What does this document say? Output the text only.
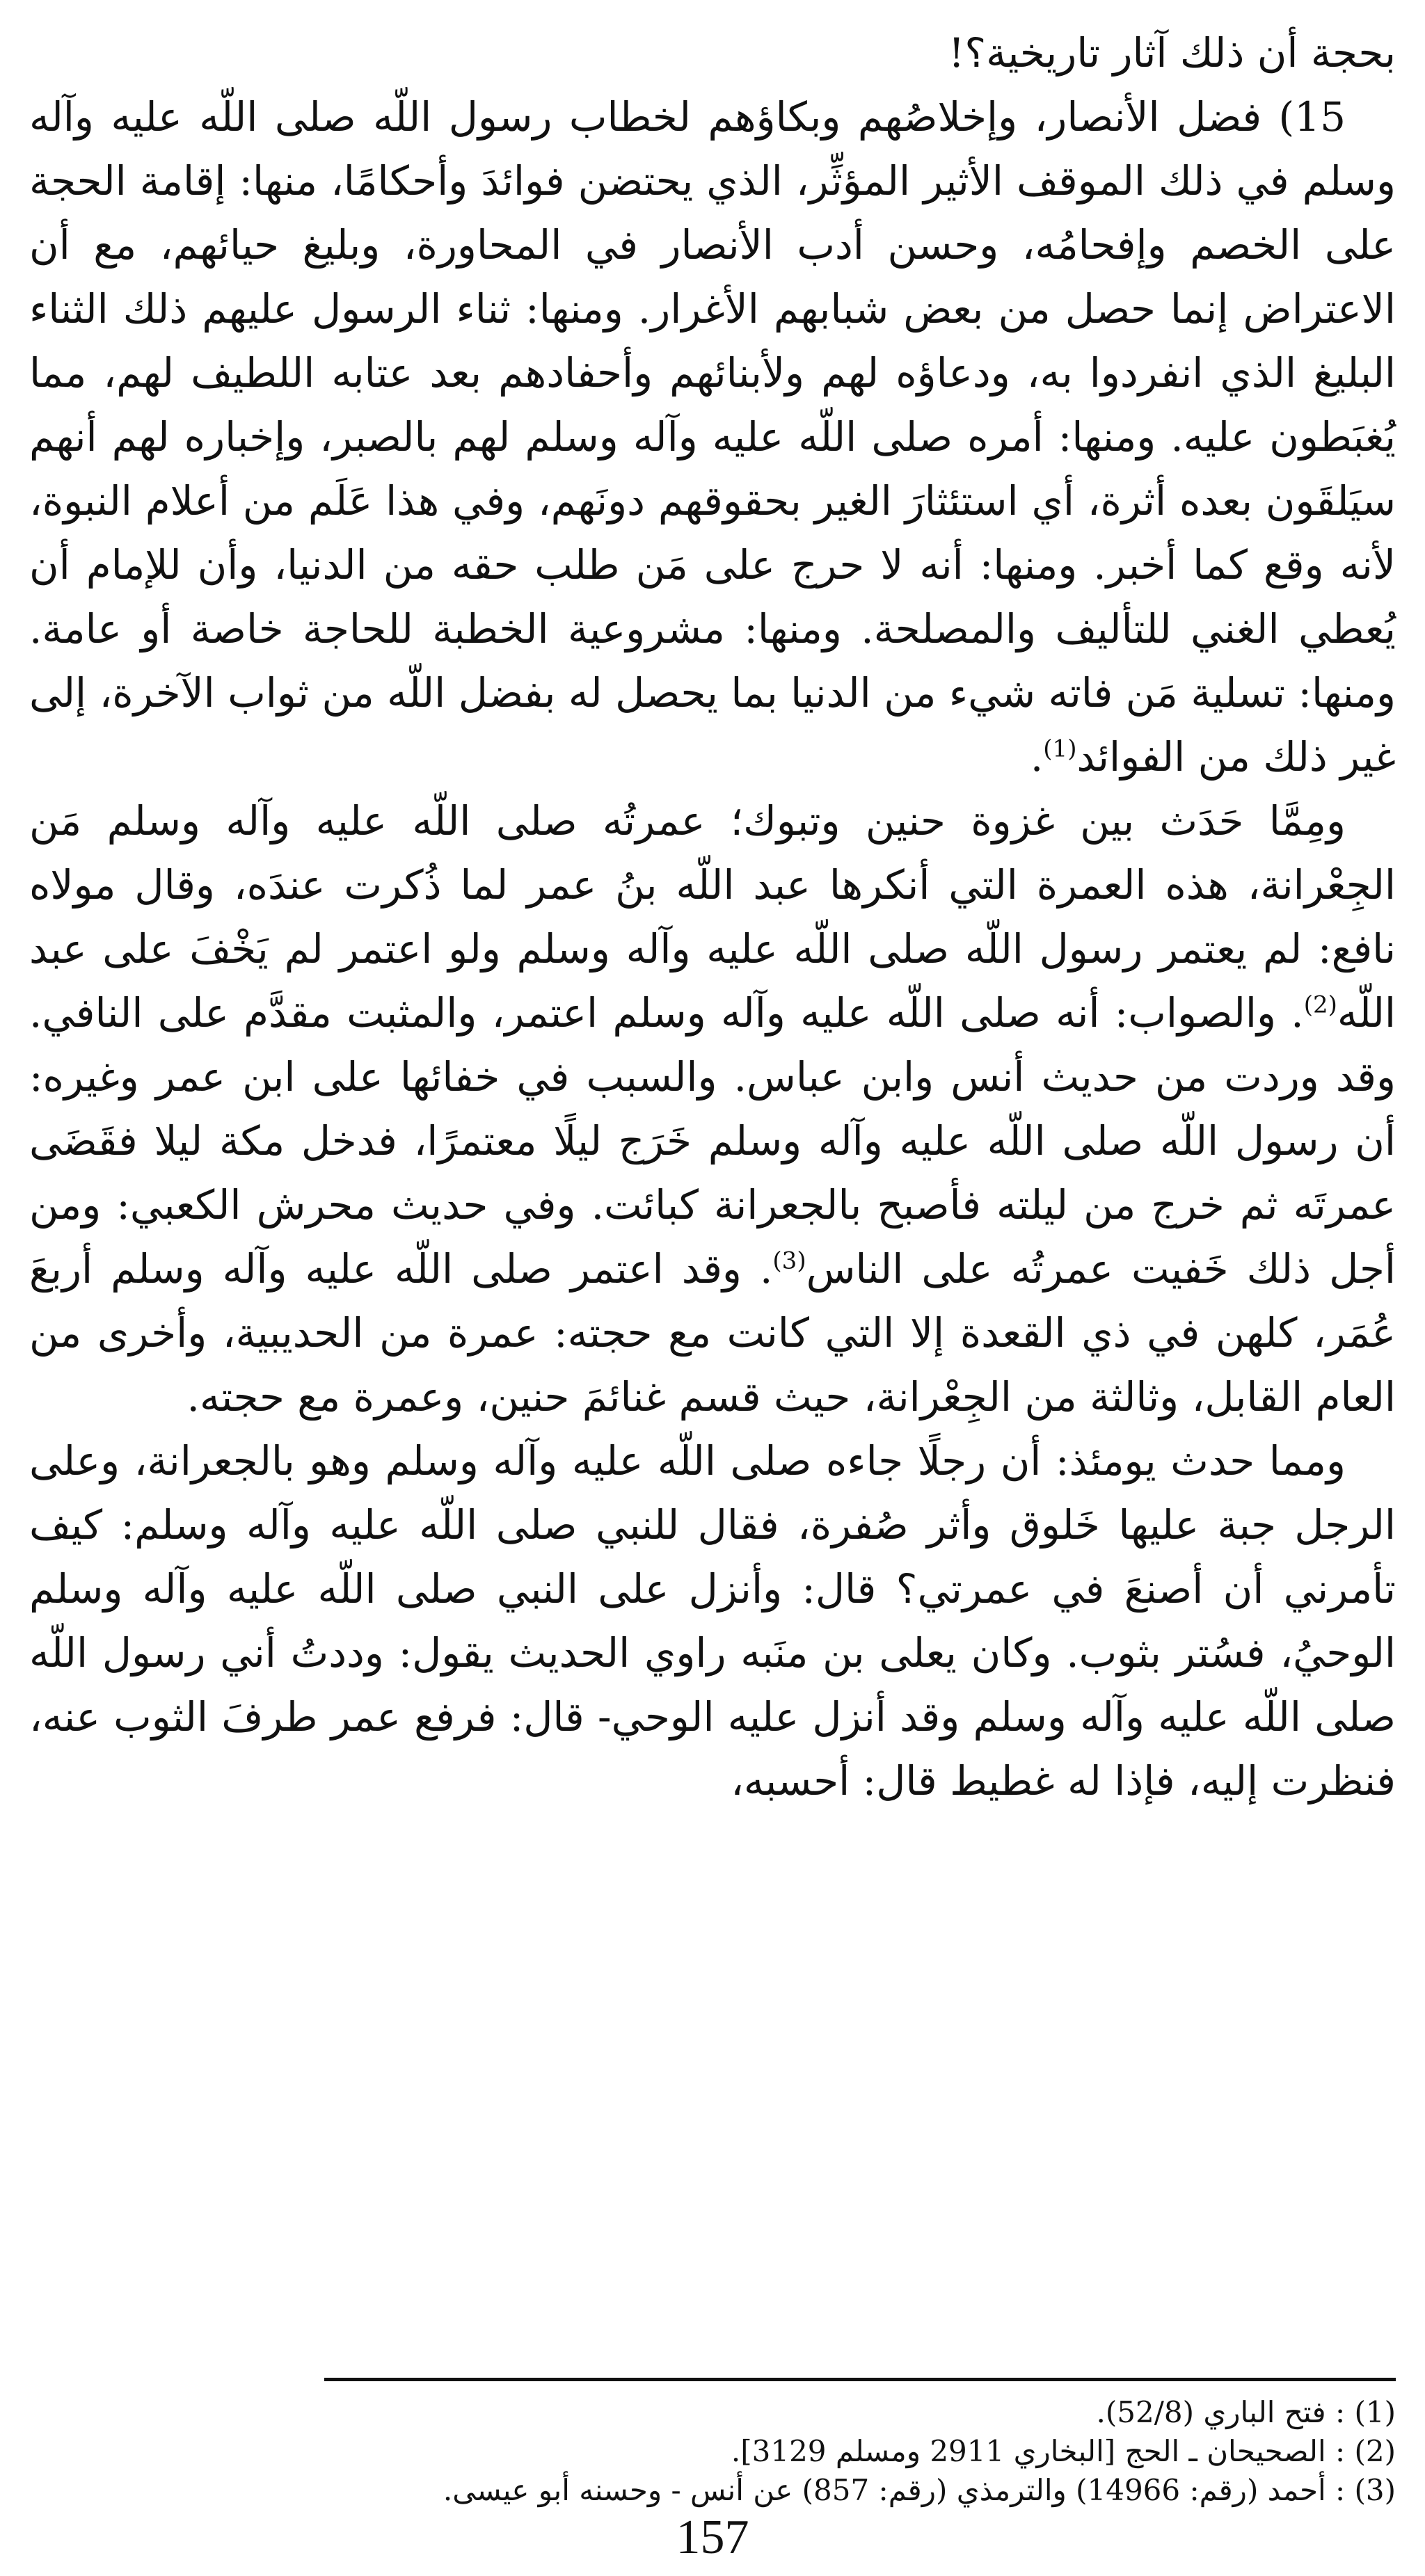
بحجة أن ذلك آثار تاريخية؟!

15) فضل الأنصار، وإخلاصُهم وبكاؤهم لخطاب رسول اللّه صلى اللّه عليه وآله وسلم في ذلك الموقف الأثير المؤثِّر، الذي يحتضن فوائدَ وأحكامًا، منها: إقامة الحجة على الخصم وإفحامُه، وحسن أدب الأنصار في المحاورة، وبليغ حيائهم، مع أن الاعتراض إنما حصل من بعض شبابهم الأغرار. ومنها: ثناء الرسول عليهم ذلك الثناء البليغ الذي انفردوا به، ودعاؤه لهم ولأبنائهم وأحفادهم بعد عتابه اللطيف لهم، مما يُغبَطون عليه. ومنها: أمره صلى اللّه عليه وآله وسلم لهم بالصبر، وإخباره لهم أنهم سيَلقَون بعده أثرة، أي استئثارَ الغير بحقوقهم دونَهم، وفي هذا عَلَم من أعلام النبوة، لأنه وقع كما أخبر. ومنها: أنه لا حرج على مَن طلب حقه من الدنيا، وأن للإمام أن يُعطي الغني للتأليف والمصلحة. ومنها: مشروعية الخطبة للحاجة خاصة أو عامة. ومنها: تسلية مَن فاته شيء من الدنيا بما يحصل له بفضل اللّه من ثواب الآخرة، إلى غير ذلك من الفوائد$^{(1)}$.

ومِمَّا حَدَث بين غزوة حنين وتبوك؛ عمرتُه صلى اللّه عليه وآله وسلم مَن الجِعْرانة، هذه العمرة التي أنكرها عبد اللّه بنُ عمر لما ذُكرت عندَه، وقال مولاه نافع: لم يعتمر رسول اللّه صلى اللّه عليه وآله وسلم ولو اعتمر لم يَخْفَ على عبد اللّه$^{(2)}$. والصواب: أنه صلى اللّه عليه وآله وسلم اعتمر، والمثبت مقدَّم على النافي. وقد وردت من حديث أنس وابن عباس. والسبب في خفائها على ابن عمر وغيره: أن رسول اللّه صلى اللّه عليه وآله وسلم خَرَج ليلًا معتمرًا، فدخل مكة ليلا فقَضَى عمرتَه ثم خرج من ليلته فأصبح بالجعرانة كبائت. وفي حديث محرش الكعبي: ومن أجل ذلك خَفيت عمرتُه على الناس$^{(3)}$. وقد اعتمر صلى اللّه عليه وآله وسلم أربعَ عُمَر، كلهن في ذي القعدة إلا التي كانت مع حجته: عمرة من الحديبية، وأخرى من العام القابل، وثالثة من الجِعْرانة، حيث قسم غنائمَ حنين، وعمرة مع حجته.

ومما حدث يومئذ: أن رجلًا جاءه صلى اللّه عليه وآله وسلم وهو بالجعرانة، وعلى الرجل جبة عليها خَلوق وأثر صُفرة، فقال للنبي صلى اللّه عليه وآله وسلم: كيف تأمرني أن أصنعَ في عمرتي؟ قال: وأنزل على النبي صلى اللّه عليه وآله وسلم الوحيُ، فسُتر بثوب. وكان يعلى بن منَبه راوي الحديث يقول: وددتُ أني رسول اللّه صلى اللّه عليه وآله وسلم وقد أنزل عليه الوحي- قال: فرفع عمر طرفَ الثوب عنه، فنظرت إليه، فإذا له غطيط قال: أحسبه،

(1) : فتح الباري (52/8).

(2) : الصحيحان ـ الحج [البخاري 2911 ومسلم 3129].

(3) : أحمد (رقم: 14966) والترمذي (رقم: 857) عن أنس - وحسنه أبو عيسى.

157
